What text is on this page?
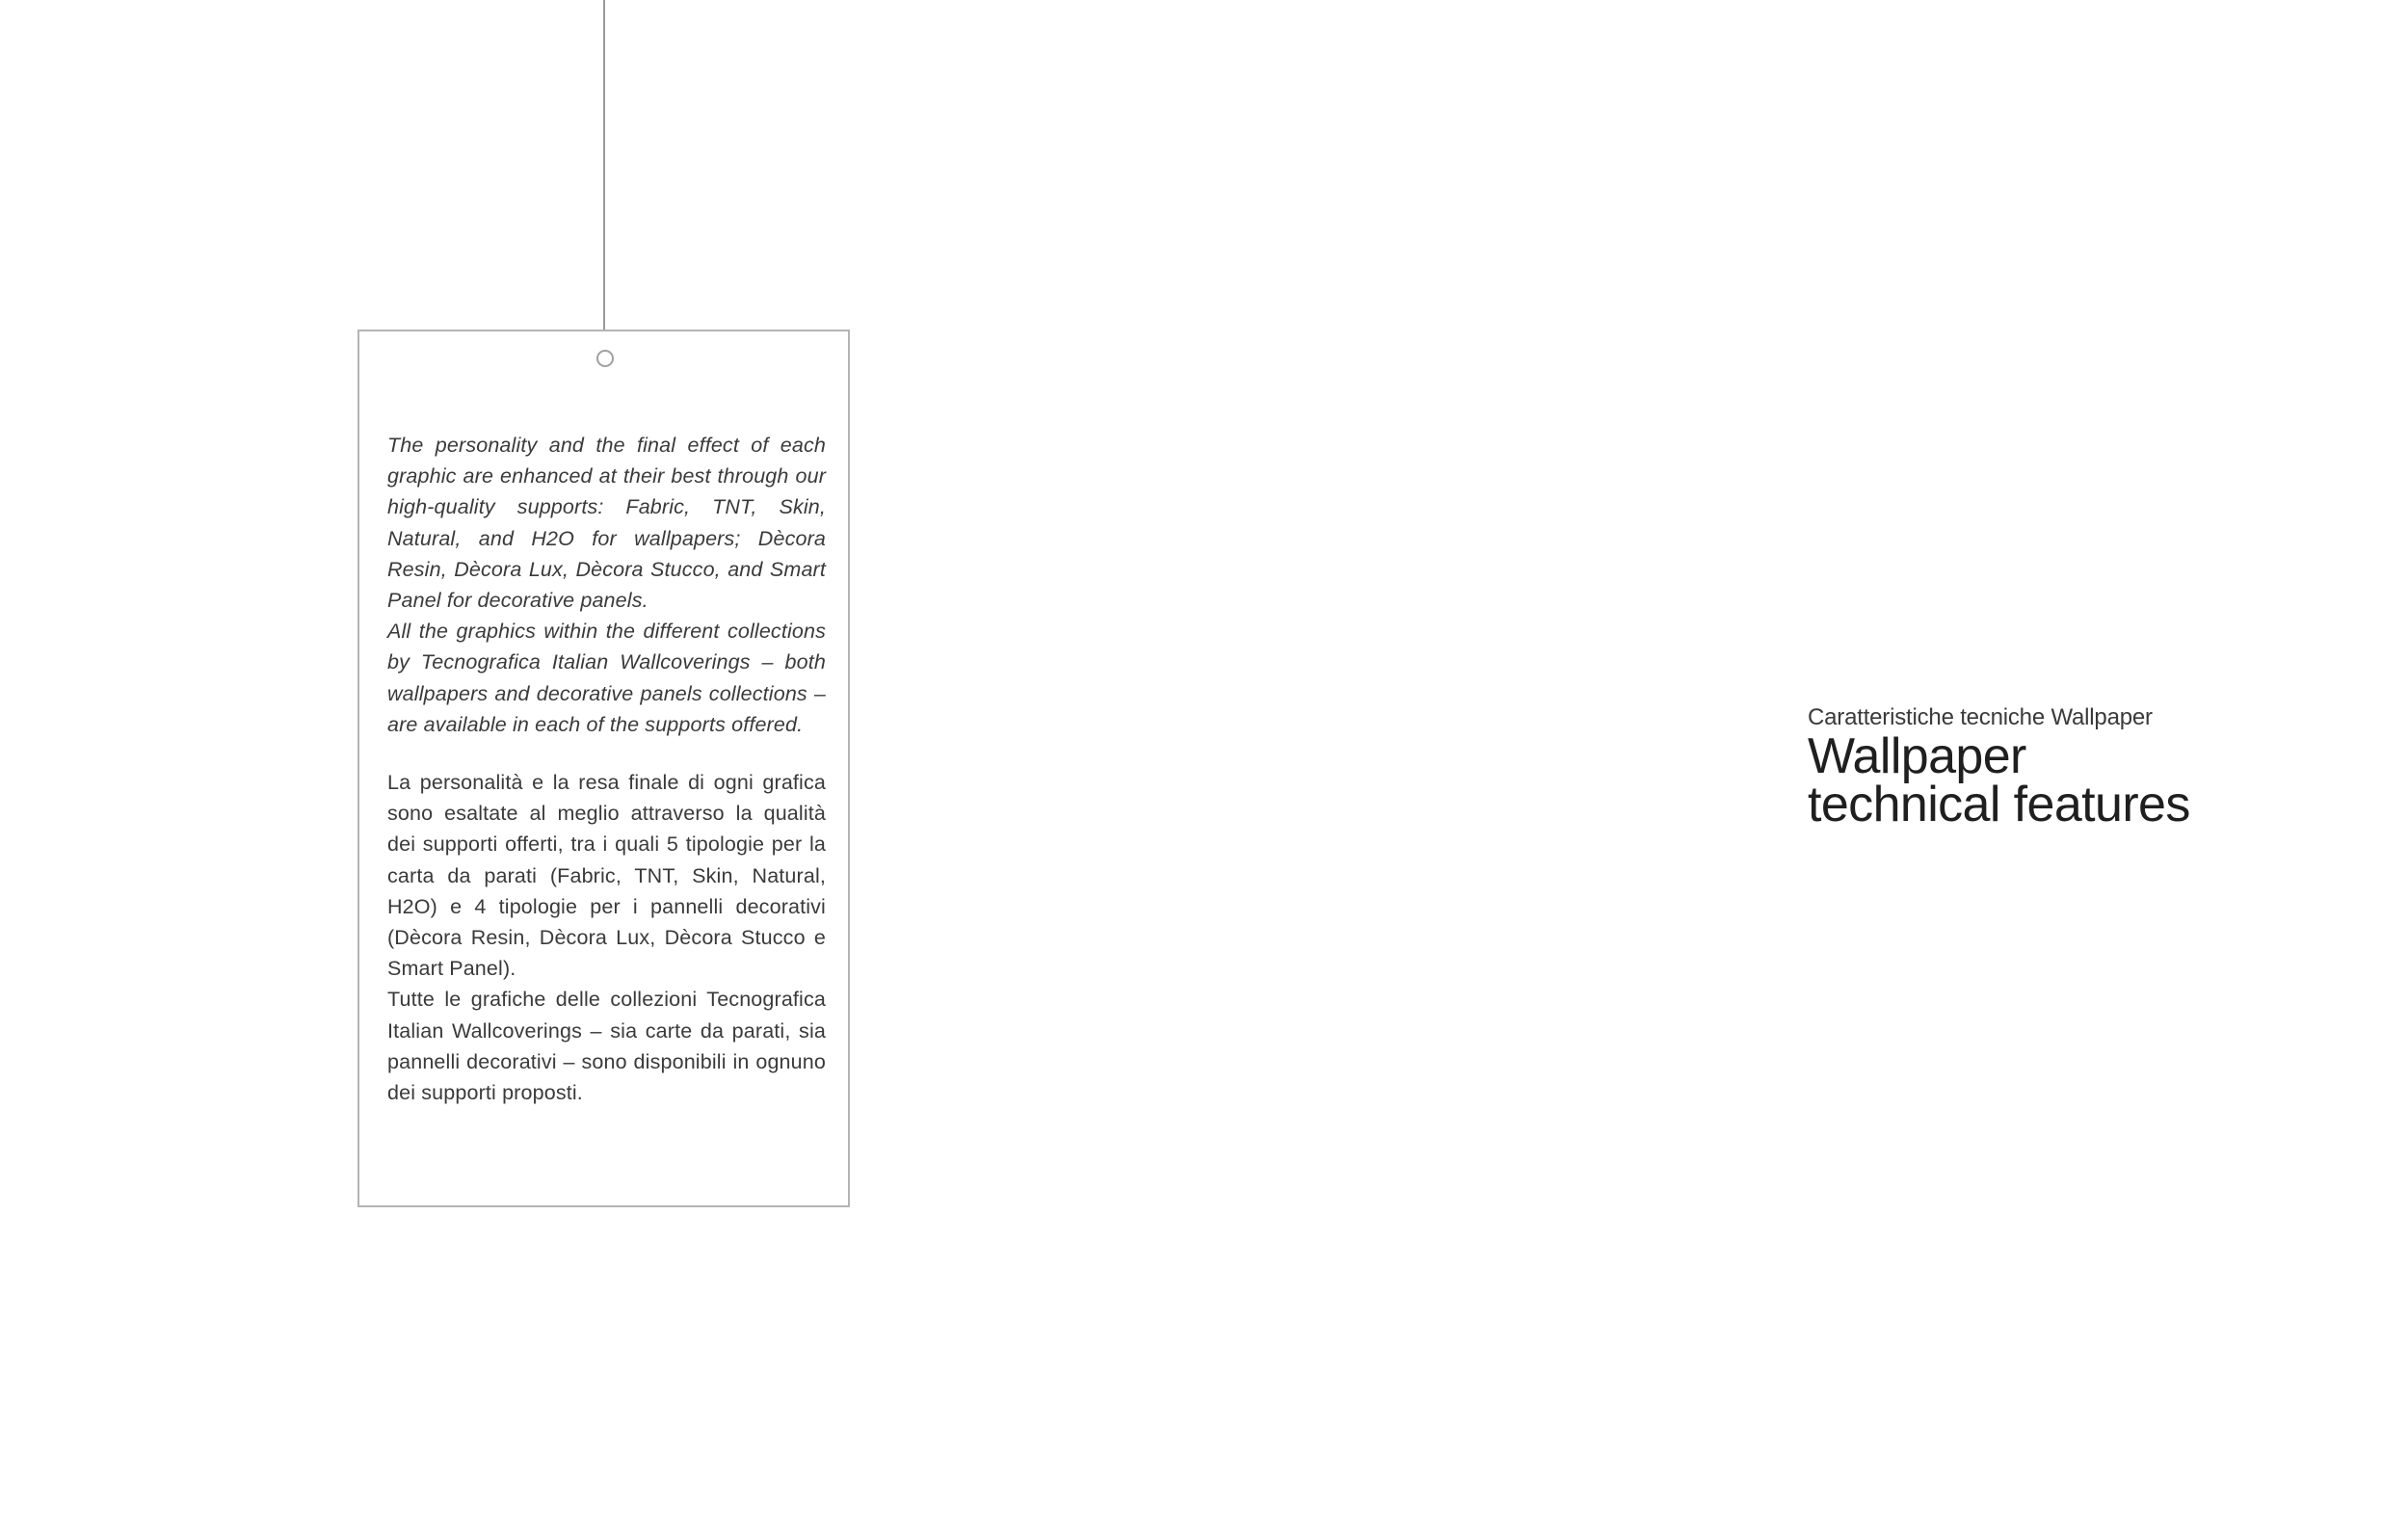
The personality and the final effect of each graphic are enhanced at their best through our high-quality supports: Fabric, TNT, Skin, Natural, and H2O for wallpapers; Dècora Resin, Dècora Lux, Dècora Stucco, and Smart Panel for decorative panels.

All the graphics within the different collections by Tecnografica Italian Wallcoverings – both wallpapers and decorative panels collections – are available in each of the supports offered.

La personalità e la resa finale di ogni grafica sono esaltate al meglio attraverso la qualità dei supporti offerti, tra i quali 5 tipologie per la carta da parati (Fabric, TNT, Skin, Natural, H2O) e 4 tipologie per i pannelli decorativi (Dècora Resin, Dècora Lux, Dècora Stucco e Smart Panel).

Tutte le grafiche delle collezioni Tecnografica Italian Wallcoverings – sia carte da parati, sia pannelli decorativi – sono disponibili in ognuno dei supporti proposti.

Caratteristiche tecniche Wallpaper

Wallpaper

technical features
